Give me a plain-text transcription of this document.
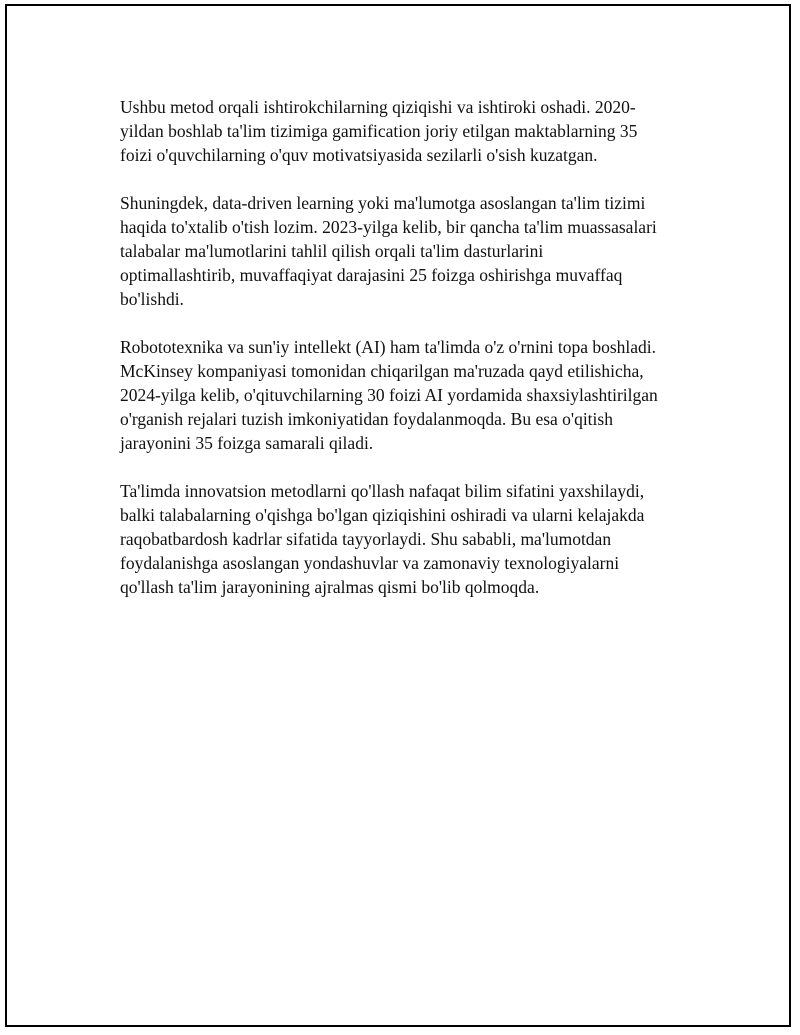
Ushbu metod orqali ishtirokchilarning qiziqishi va ishtiroki oshadi. 2020-
yildan boshlab ta'lim tizimiga gamification joriy etilgan maktablarning 35
foizi o'quvchilarning o'quv motivatsiyasida sezilarli o'sish kuzatgan.

Shuningdek, data-driven learning yoki ma'lumotga asoslangan ta'lim tizimi
haqida to'xtalib o'tish lozim. 2023-yilga kelib, bir qancha ta'lim muassasalari
talabalar ma'lumotlarini tahlil qilish orqali ta'lim dasturlarini
optimallashtirib, muvaffaqiyat darajasini 25 foizga oshirishga muvaffaq
bo'lishdi.

Robototexnika va sun'iy intellekt (AI) ham ta'limda o'z o'rnini topa boshladi.
McKinsey kompaniyasi tomonidan chiqarilgan ma'ruzada qayd etilishicha,
2024-yilga kelib, o'qituvchilarning 30 foizi AI yordamida shaxsiylashtirilgan
o'rganish rejalari tuzish imkoniyatidan foydalanmoqda. Bu esa o'qitish
jarayonini 35 foizga samarali qiladi.

Ta'limda innovatsion metodlarni qo'llash nafaqat bilim sifatini yaxshilaydi,
balki talabalarning o'qishga bo'lgan qiziqishini oshiradi va ularni kelajakda
raqobatbardosh kadrlar sifatida tayyorlaydi. Shu sababli, ma'lumotdan
foydalanishga asoslangan yondashuvlar va zamonaviy texnologiyalarni
qo'llash ta'lim jarayonining ajralmas qismi bo'lib qolmoqda.
